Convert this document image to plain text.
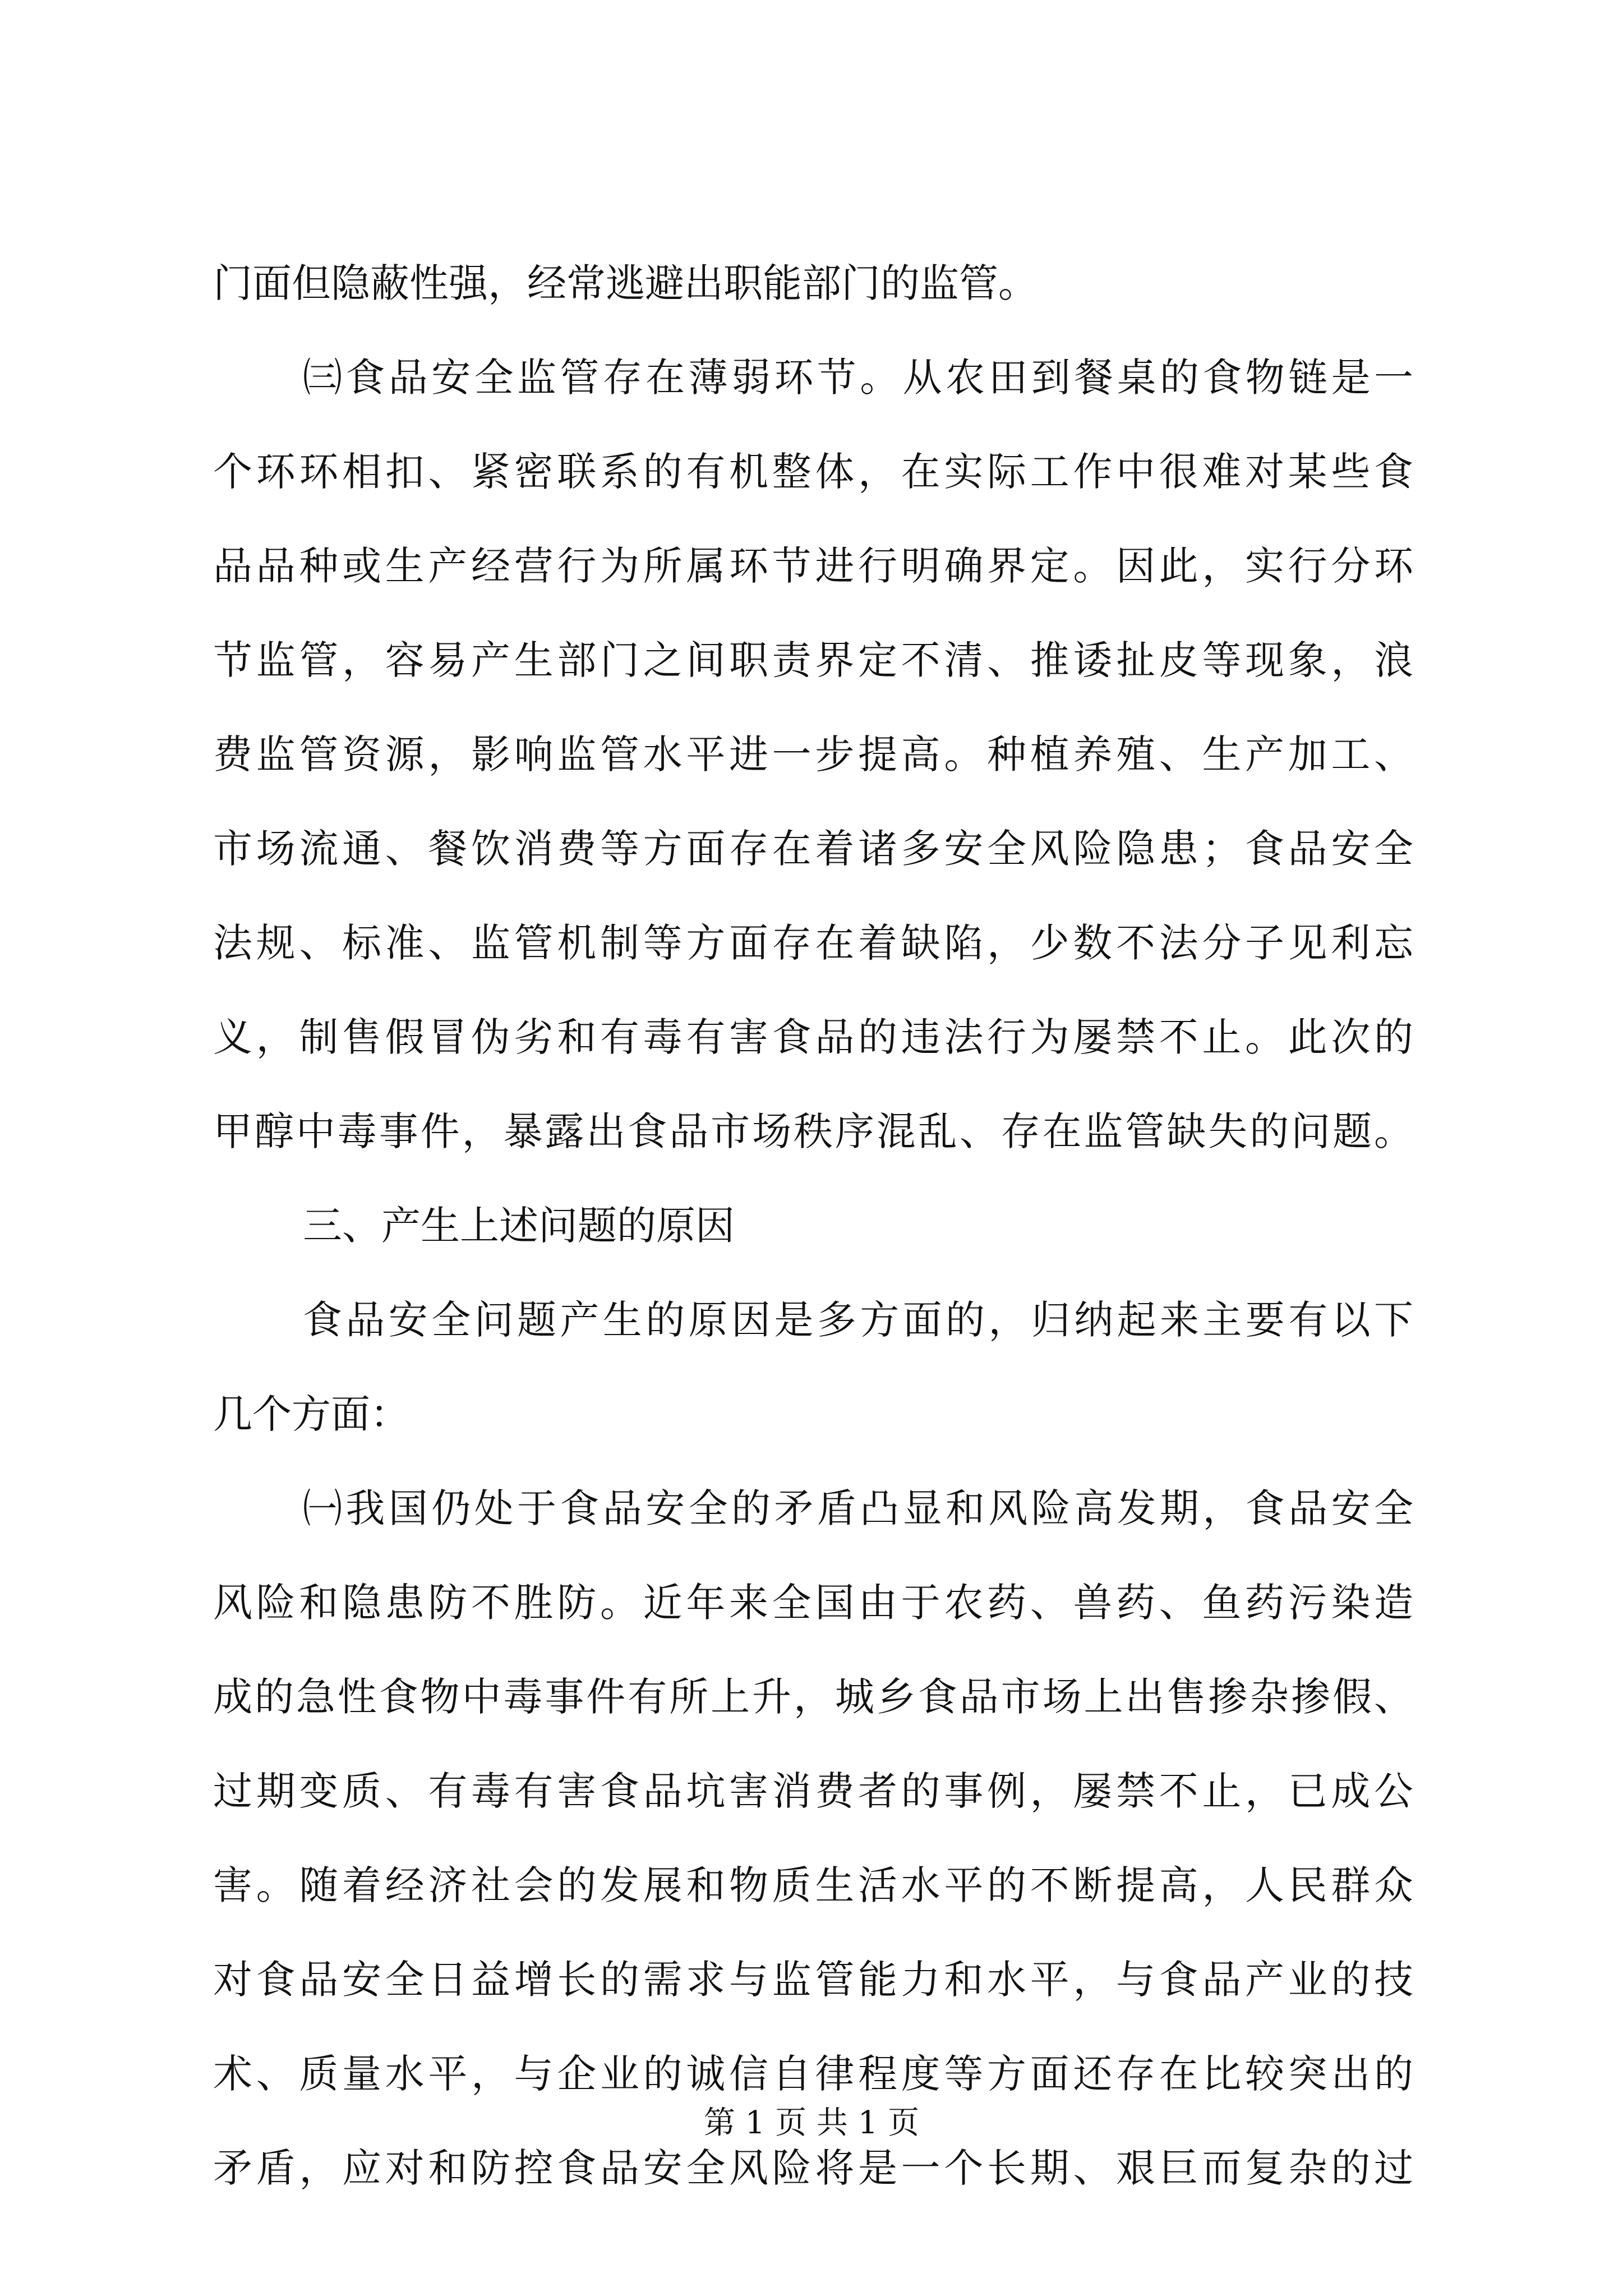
门面但隐蔽性强，经常逃避出职能部门的监管。
㈢食品安全监管存在薄弱环节。从农田到餐桌的食物链是一
个环环相扣、紧密联系的有机整体，在实际工作中很难对某些食
品品种或生产经营行为所属环节进行明确界定。因此，实行分环
节监管，容易产生部门之间职责界定不清、推诿扯皮等现象，浪
费监管资源，影响监管水平进一步提高。种植养殖、生产加工、
市场流通、餐饮消费等方面存在着诸多安全风险隐患；食品安全
法规、标准、监管机制等方面存在着缺陷，少数不法分子见利忘
义，制售假冒伪劣和有毒有害食品的违法行为屡禁不止。此次的
甲醇中毒事件，暴露出食品市场秩序混乱、存在监管缺失的问题。
三、产生上述问题的原因
食品安全问题产生的原因是多方面的，归纳起来主要有以下
几个方面：
㈠我国仍处于食品安全的矛盾凸显和风险高发期，食品安全
风险和隐患防不胜防。近年来全国由于农药、兽药、鱼药污染造
成的急性食物中毒事件有所上升，城乡食品市场上出售掺杂掺假、
过期变质、有毒有害食品坑害消费者的事例，屡禁不止，已成公
害。随着经济社会的发展和物质生活水平的不断提高，人民群众
对食品安全日益增长的需求与监管能力和水平，与食品产业的技
术、质量水平，与企业的诚信自律程度等方面还存在比较突出的
矛盾，应对和防控食品安全风险将是一个长期、艰巨而复杂的过
第 1 页 共 1 页
